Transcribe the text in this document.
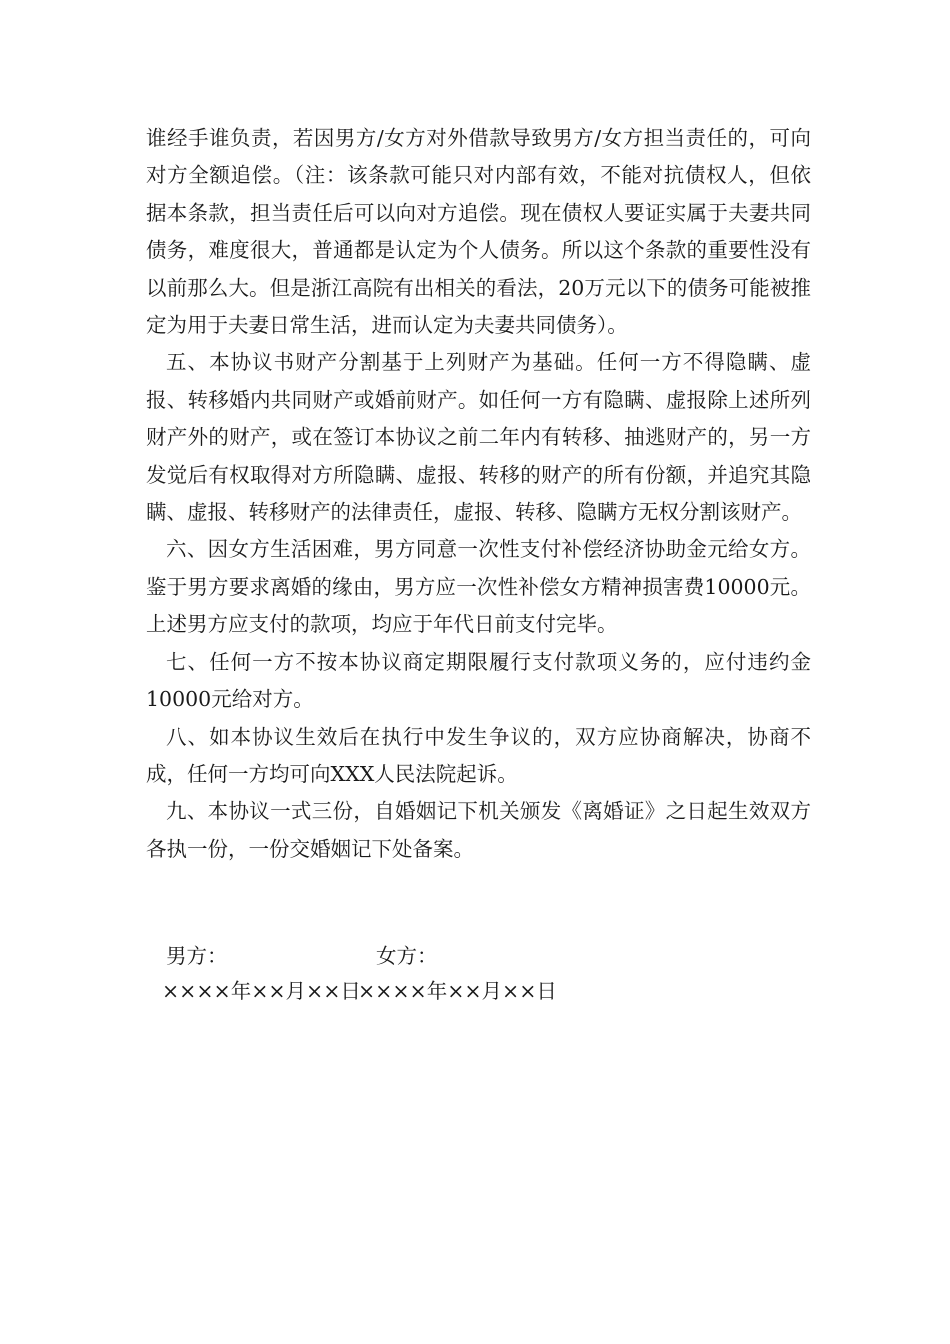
谁经手谁负责，若因男方/女方对外借款导致男方/女方担当责任的，可向对方全额追偿。（注：该条款可能只对内部有效，不能对抗债权人，但依据本条款，担当责任后可以向对方追偿。现在债权人要证实属于夫妻共同债务，难度很大，普通都是认定为个人债务。所以这个条款的重要性没有以前那么大。但是浙江高院有出相关的看法，20万元以下的债务可能被推定为用于夫妻日常生活，进而认定为夫妻共同债务）。

五、本协议书财产分割基于上列财产为基础。任何一方不得隐瞒、虚报、转移婚内共同财产或婚前财产。如任何一方有隐瞒、虚报除上述所列财产外的财产，或在签订本协议之前二年内有转移、抽逃财产的，另一方发觉后有权取得对方所隐瞒、虚报、转移的财产的所有份额，并追究其隐瞒、虚报、转移财产的法律责任，虚报、转移、隐瞒方无权分割该财产。

六、因女方生活困难，男方同意一次性支付补偿经济协助金元给女方。鉴于男方要求离婚的缘由，男方应一次性补偿女方精神损害费10000元。上述男方应支付的款项，均应于年代日前支付完毕。

七、任何一方不按本协议商定期限履行支付款项义务的，应付违约金10000元给对方。

八、如本协议生效后在执行中发生争议的，双方应协商解决，协商不成，任何一方均可向XXX人民法院起诉。

九、本协议一式三份，自婚姻记下机关颁发《离婚证》之日起生效双方各执一份，一份交婚姻记下处备案。

男方：	女方：
××××年××月××日
××××年××月××日
